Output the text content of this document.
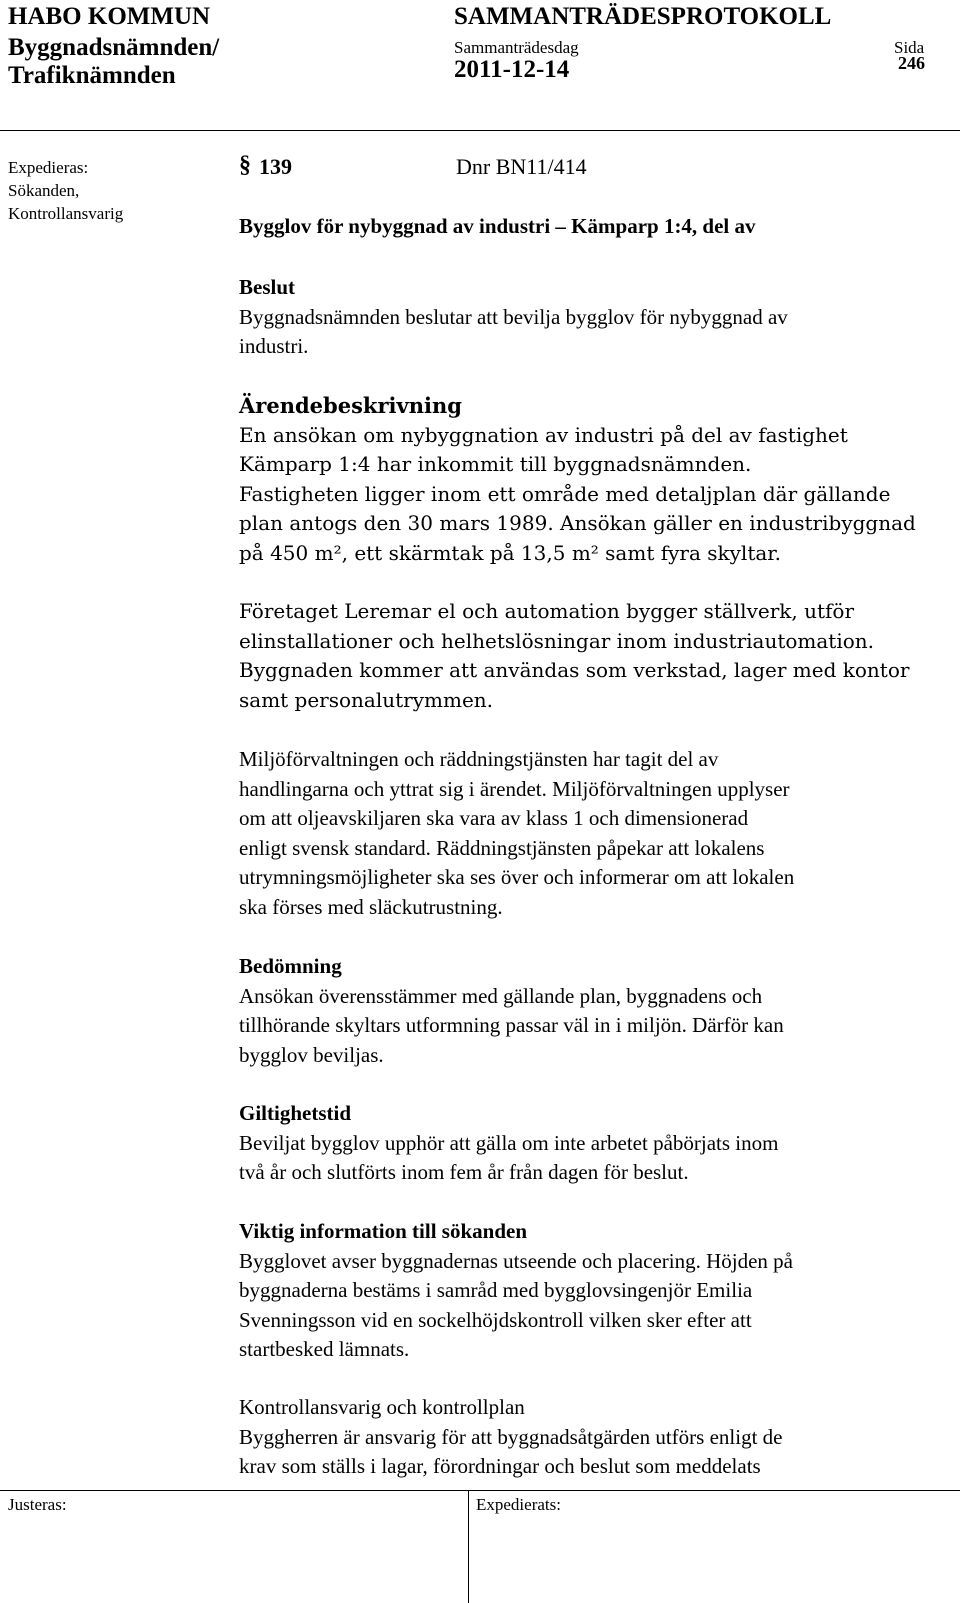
HABO KOMMUN
Byggnadsnämnden/
Trafiknämnden
SAMMANTRÄDESPROTOKOLL
Sammanträdesdag
2011-12-14
Sida
246
Expedieras:
Sökanden,
Kontrollansvarig
§ 139	Dnr BN11/414
Bygglov för nybyggnad av industri – Kämparp 1:4, del av
Beslut
Byggnadsnämnden beslutar att bevilja bygglov för nybyggnad av
industri.
Ärendebeskrivning
En ansökan om nybyggnation av industri på del av fastighet
Kämparp 1:4 har inkommit till byggnadsnämnden.
Fastigheten ligger inom ett område med detaljplan där gällande
plan antogs den 30 mars 1989. Ansökan gäller en industribyggnad
på 450 m², ett skärmtak på 13,5 m² samt fyra skyltar.
Företaget Leremar el och automation bygger ställverk, utför
elinstallationer och helhetslösningar inom industriautomation.
Byggnaden kommer att användas som verkstad, lager med kontor
samt personalutrymmen.
Miljöförvaltningen och räddningstjänsten har tagit del av
handlingarna och yttrat sig i ärendet. Miljöförvaltningen upplyser
om att oljeavskiljaren ska vara av klass 1 och dimensionerad
enligt svensk standard. Räddningstjänsten påpekar att lokalens
utrymningsmöjligheter ska ses över och informerar om att lokalen
ska förses med släckutrustning.
Bedömning
Ansökan överensstämmer med gällande plan, byggnadens och
tillhörande skyltars utformning passar väl in i miljön. Därför kan
bygglov beviljas.
Giltighetstid
Beviljat bygglov upphör att gälla om inte arbetet påbörjats inom
två år och slutförts inom fem år från dagen för beslut.
Viktig information till sökanden
Bygglovet avser byggnadernas utseende och placering. Höjden på
byggnaderna bestäms i samråd med bygglovsingenjör Emilia
Svenningsson vid en sockelhöjdskontroll vilken sker efter att
startbesked lämnats.
Kontrollansvarig och kontrollplan
Byggherren är ansvarig för att byggnadsåtgärden utförs enligt de
krav som ställs i lagar, förordningar och beslut som meddelats
Justeras:	Expedierats:
